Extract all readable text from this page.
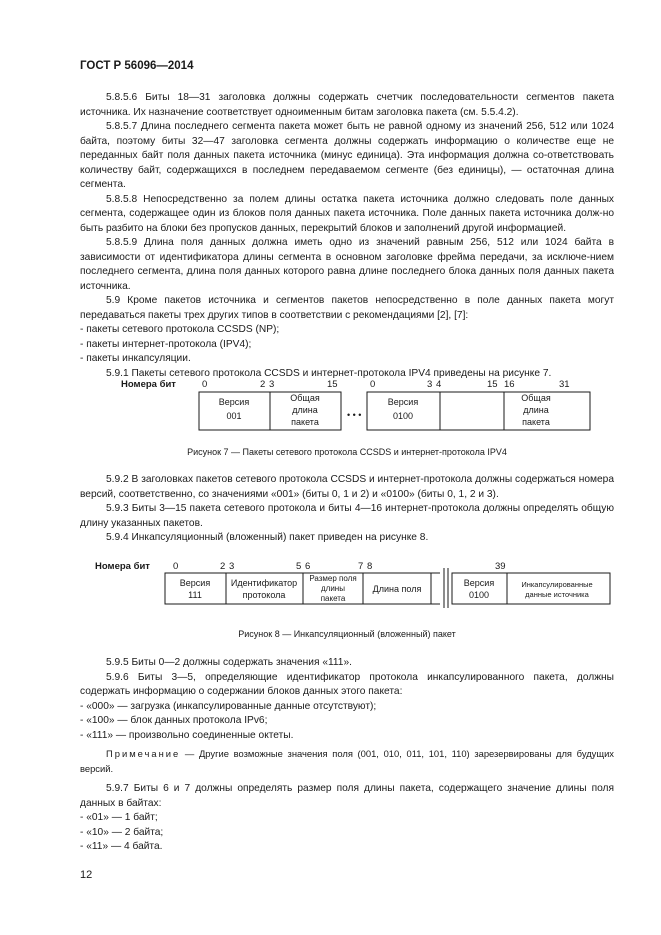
ГОСТ Р 56096—2014

5.8.5.6 Биты 18—31 заголовка должны содержать счетчик последовательности сегментов пакета источника. Их назначение соответствует одноименным битам заголовка пакета (см. 5.5.4.2).

5.8.5.7 Длина последнего сегмента пакета может быть не равной одному из значений 256, 512 или 1024 байта, поэтому биты 32—47 заголовка сегмента должны содержать информацию о количестве еще не переданных байт поля данных пакета источника (минус единица). Эта информация должна со-ответствовать количеству байт, содержащихся в последнем передаваемом сегменте (без единицы), — остаточная длина сегмента.

5.8.5.8 Непосредственно за полем длины остатка пакета источника должно следовать поле данных сегмента, содержащее один из блоков поля данных пакета источника. Поле данных пакета источника долж-но быть разбито на блоки без пропусков данных, перекрытий блоков и заполнений другой информацией.

5.8.5.9 Длина поля данных должна иметь одно из значений равным 256, 512 или 1024 байта в зависимости от идентификатора длины сегмента в основном заголовке фрейма передачи, за исключе-нием последнего сегмента, длина поля данных которого равна длине последнего блока данных поля данных пакета источника.

5.9 Кроме пакетов источника и сегментов пакетов непосредственно в поле данных пакета могут передаваться пакеты трех других типов в соответствии с рекомендациями [2], [7]:

- пакеты сетевого протокола CCSDS (NP);

- пакеты интернет-протокола (IPV4);

- пакеты инкапсуляции.

5.9.1 Пакеты сетевого протокола CCSDS и интернет-протокола IPV4 приведены на рисунке 7.

Номера бит	0	2 3	15	0	3 4	15 16	31
Версия
001
Общая
длина
пакета
• • •
Версия
0100
Общая
длина
пакета
Рисунок 7 — Пакеты сетевого протокола CCSDS и интернет-протокола IPV4

5.9.2 В заголовках пакетов сетевого протокола CCSDS и интернет-протокола должны содержаться номера версий, соответственно, со значениями «001» (биты 0, 1 и 2) и «0100» (биты 0, 1, 2 и 3).

5.9.3 Биты 3—15 пакета сетевого протокола и биты 4—16 интернет-протокола должны определять общую длину указанных пакетов.

5.9.4 Инкапсуляционный (вложенный) пакет приведен на рисунке 8.

Номера бит 0	2 3	5 6	7 8	39
Версия
111
Идентификатор
протокола
Размер поля
длины
пакета
Длина поля
Версия
0100
Инкапсулированные
данные источника
Рисунок 8 — Инкапсуляционный (вложенный) пакет

5.9.5 Биты 0—2 должны содержать значения «111».

5.9.6 Биты 3—5, определяющие идентификатор протокола инкапсулированного пакета, должны содержать информацию о содержании блоков данных этого пакета:

- «000» — загрузка (инкапсулированные данные отсутствуют);

- «100» — блок данных протокола IPv6;

- «111» — произвольно соединенные октеты.

Примечание — Другие возможные значения поля (001, 010, 011, 101, 110) зарезервированы для будущих версий.

5.9.7 Биты 6 и 7 должны определять размер поля длины пакета, содержащего значение длины поля данных в байтах:

- «01» — 1 байт;

- «10» — 2 байта;

- «11» — 4 байта.

12
